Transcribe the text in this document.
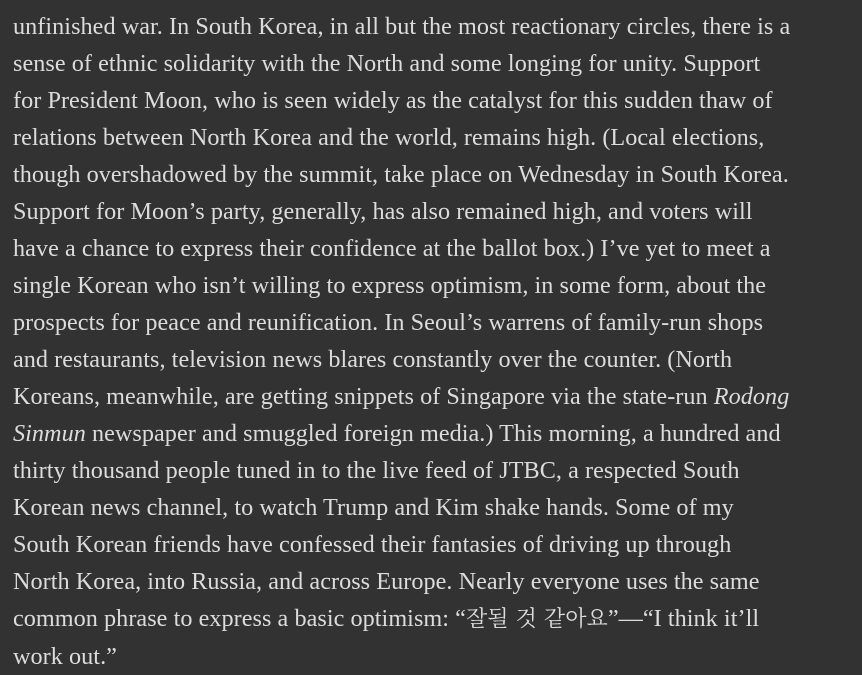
unfinished war. In South Korea, in all but the most reactionary circles, there is a
sense of ethnic solidarity with the North and some longing for unity. Support
for President Moon, who is seen widely as the catalyst for this sudden thaw of
relations between North Korea and the world, remains high. (Local elections,
though overshadowed by the summit, take place on Wednesday in South Korea.
Support for Moon’s party, generally, has also remained high, and voters will
have a chance to express their confidence at the ballot box.) I’ve yet to meet a
single Korean who isn’t willing to express optimism, in some form, about the
prospects for peace and reunification. In Seoul’s warrens of family-run shops
and restaurants, television news blares constantly over the counter. (North
Koreans, meanwhile, are getting snippets of Singapore via the state-run Rodong
Sinmun newspaper and smuggled foreign media.) This morning, a hundred and
thirty thousand people tuned in to the live feed of JTBC, a respected South
Korean news channel, to watch Trump and Kim shake hands. Some of my
South Korean friends have confessed their fantasies of driving up through
North Korea, into Russia, and across Europe. Nearly everyone uses the same
common phrase to express a basic optimism: “잘될 것 같아요”—“I think it’ll
work out.”
